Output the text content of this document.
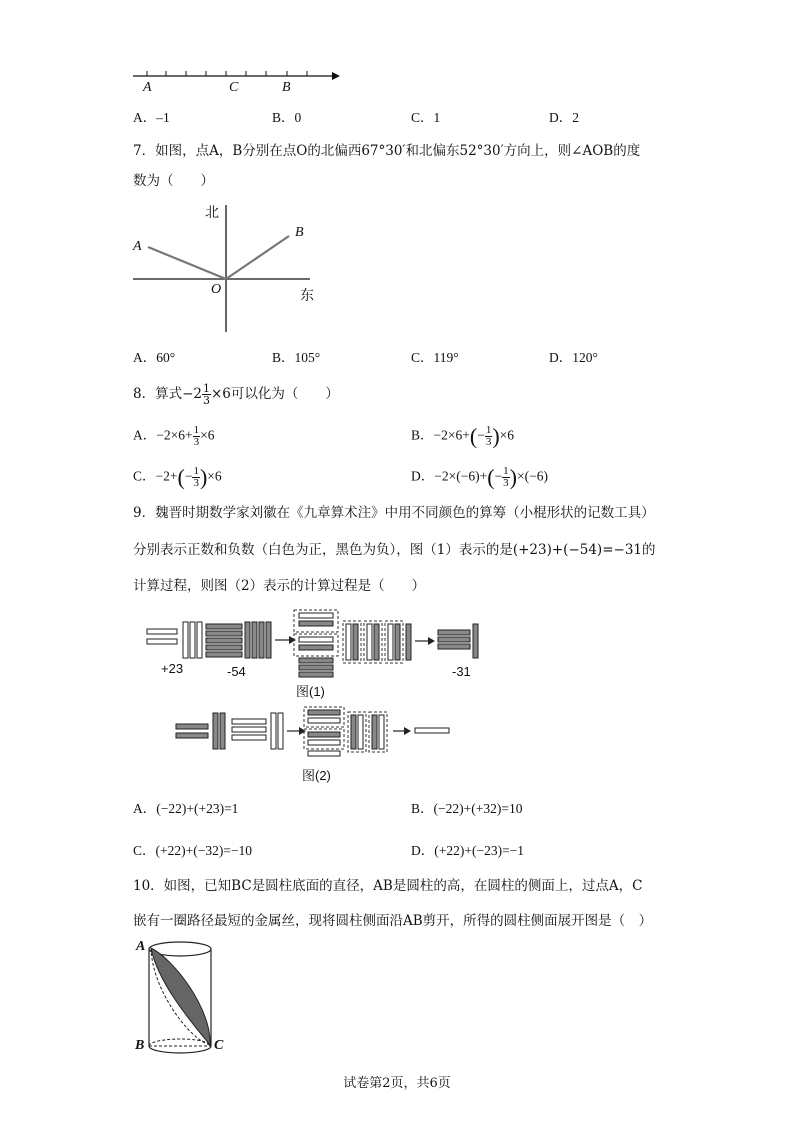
A	C	B
A．–1	B．0	C．1	D．2
7．如图，点A，B分别在点O的北偏西67°30′和北偏东52°30′方向上，则∠AOB的度
数为（　　）
北
东
A
B
O
A．60°	B．105°	C．119°	D．120°
8．算式$-2 \frac{1}{3} \times 6$可以化为（　　）
A．$-2\times 6+ \frac{1}{3} \times 6$	B．$-2\times 6+(- \frac{1}{3} )\times 6$
C．$-2+(- \frac{1}{3} )\times 6$	D．$-2\times(-6)+(- \frac{1}{3} )\times(-6)$
9．魏晋时期数学家刘徽在《九章算术注》中用不同颜色的算筹（小棍形状的记数工具）
分别表示正数和负数（白色为正，黑色为负），图（1）表示的是(+23)+(−54)=−31的
计算过程，则图（2）表示的计算过程是（　　）
+23	-54	-31
图(1)
图(2)
A．(−22)+(+23)=1	B．(−22)+(+32)=10
C．(+22)+(−32)=−10	D．(+22)+(−23)=−1
10．如图，已知BC是圆柱底面的直径，AB是圆柱的高，在圆柱的侧面上，过点A，C
嵌有一圈路径最短的金属丝，现将圆柱侧面沿AB剪开，所得的圆柱侧面展开图是（　）
A
B	C
试卷第2页，共6页
